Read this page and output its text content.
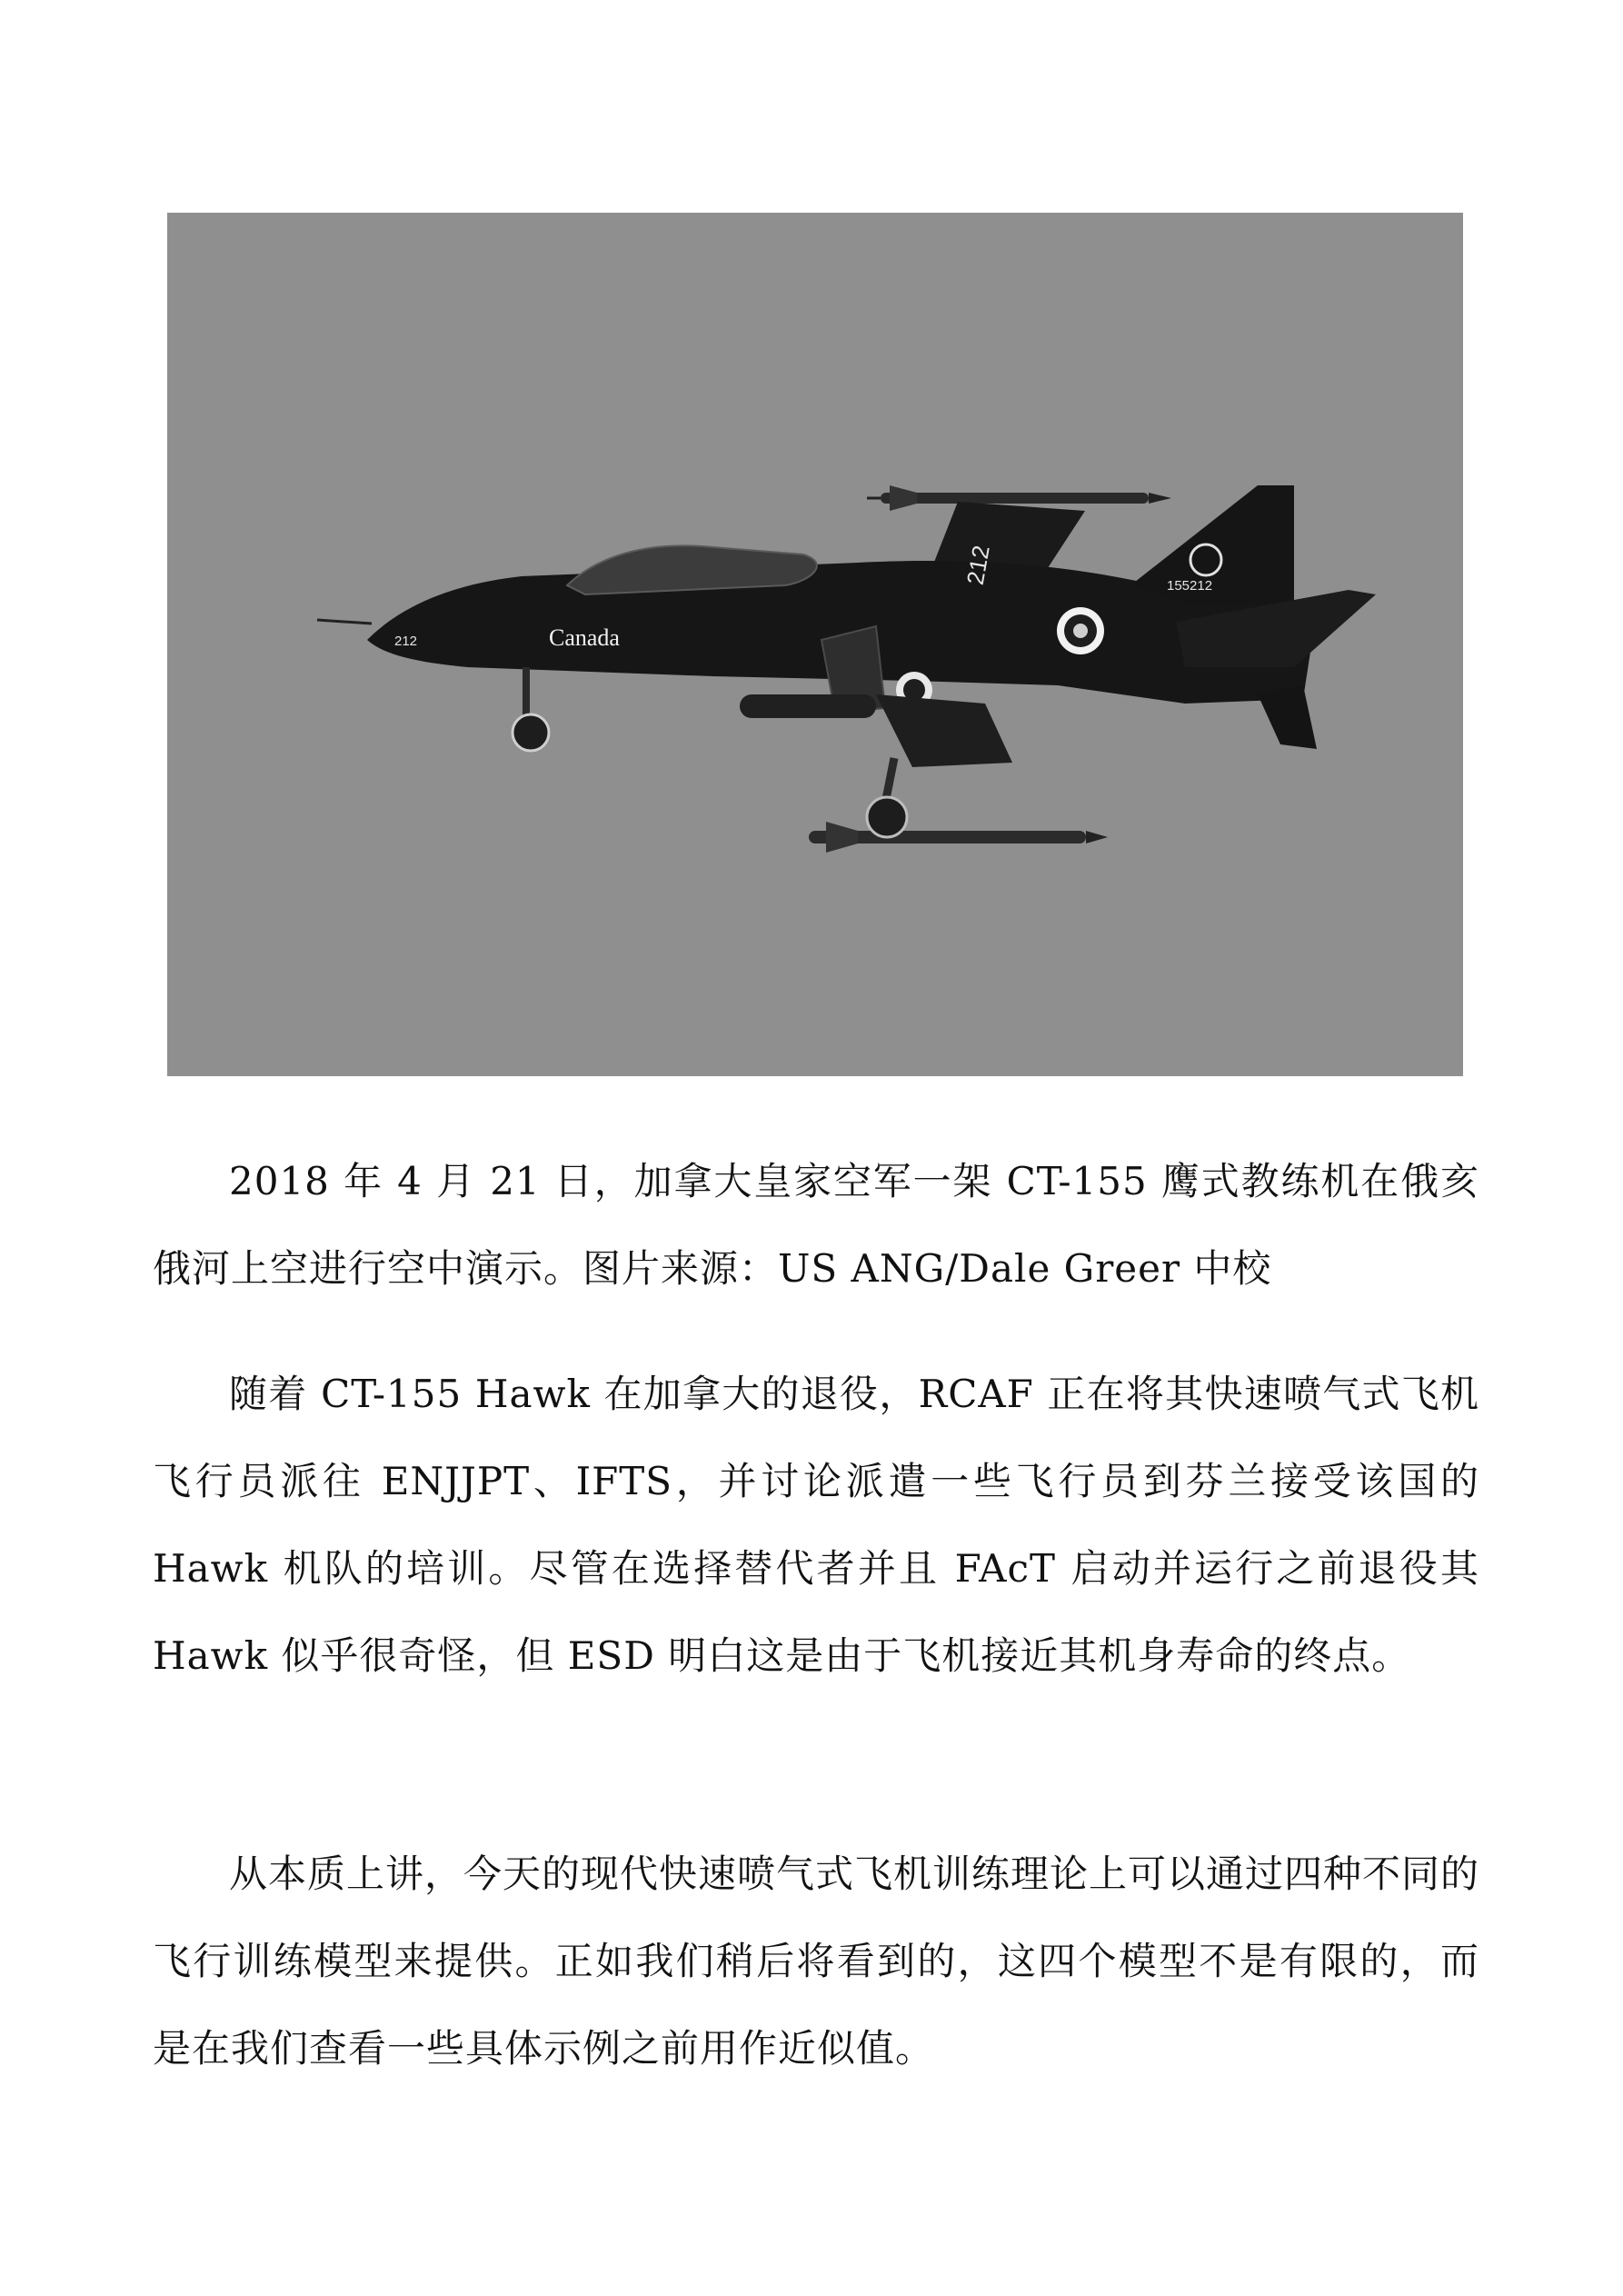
Canada
212
212	155212

2018 年 4 月 21 日，加拿大皇家空军一架 CT-155 鹰式教练机在俄亥俄河上空进行空中演示。图片来源：US ANG/Dale Greer 中校

随着 CT-155 Hawk 在加拿大的退役，RCAF 正在将其快速喷气式飞机飞行员派往 ENJJPT、IFTS，并讨论派遣一些飞行员到芬兰接受该国的 Hawk 机队的培训。尽管在选择替代者并且 FAcT 启动并运行之前退役其 Hawk 似乎很奇怪，但 ESD 明白这是由于飞机接近其机身寿命的终点。

从本质上讲，今天的现代快速喷气式飞机训练理论上可以通过四种不同的飞行训练模型来提供。正如我们稍后将看到的，这四个模型不是有限的，而是在我们查看一些具体示例之前用作近似值。
